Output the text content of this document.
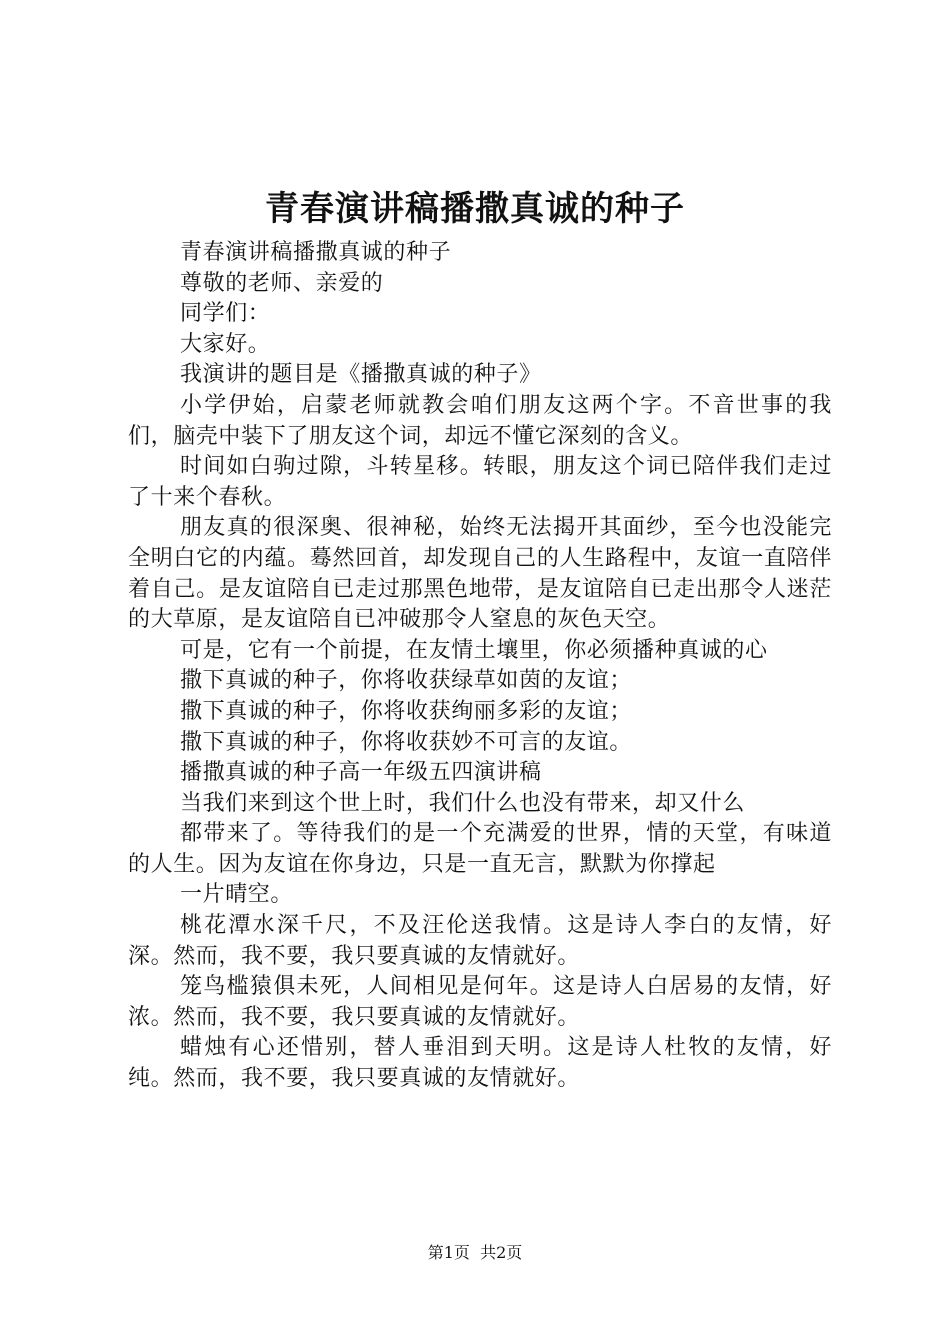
青春演讲稿播撒真诚的种子

青春演讲稿播撒真诚的种子

尊敬的老师、亲爱的

同学们：

大家好。

我演讲的题目是《播撒真诚的种子》

小学伊始，启蒙老师就教会咱们朋友这两个字。不音世事的我们，脑壳中装下了朋友这个词，却远不懂它深刻的含义。

时间如白驹过隙，斗转星移。转眼，朋友这个词已陪伴我们走过了十来个春秋。

朋友真的很深奥、很神秘，始终无法揭开其面纱，至今也没能完全明白它的内蕴。蓦然回首，却发现自己的人生路程中，友谊一直陪伴着自己。是友谊陪自已走过那黑色地带，是友谊陪自已走出那令人迷茫的大草原，是友谊陪自已冲破那令人窒息的灰色天空。

可是，它有一个前提，在友情土壤里，你必须播种真诚的心

撒下真诚的种子，你将收获绿草如茵的友谊；

撒下真诚的种子，你将收获绚丽多彩的友谊；

撒下真诚的种子，你将收获妙不可言的友谊。

播撒真诚的种子高一年级五四演讲稿

当我们来到这个世上时，我们什么也没有带来，却又什么

都带来了。等待我们的是一个充满爱的世界，情的天堂，有味道的人生。因为友谊在你身边，只是一直无言，默默为你撑起

一片晴空。

桃花潭水深千尺，不及汪伦送我情。这是诗人李白的友情，好深。然而，我不要，我只要真诚的友情就好。

笼鸟槛猿俱未死，人间相见是何年。这是诗人白居易的友情，好浓。然而，我不要，我只要真诚的友情就好。

蜡烛有心还惜别，替人垂泪到天明。这是诗人杜牧的友情，好纯。然而，我不要，我只要真诚的友情就好。

第1页  共2页
